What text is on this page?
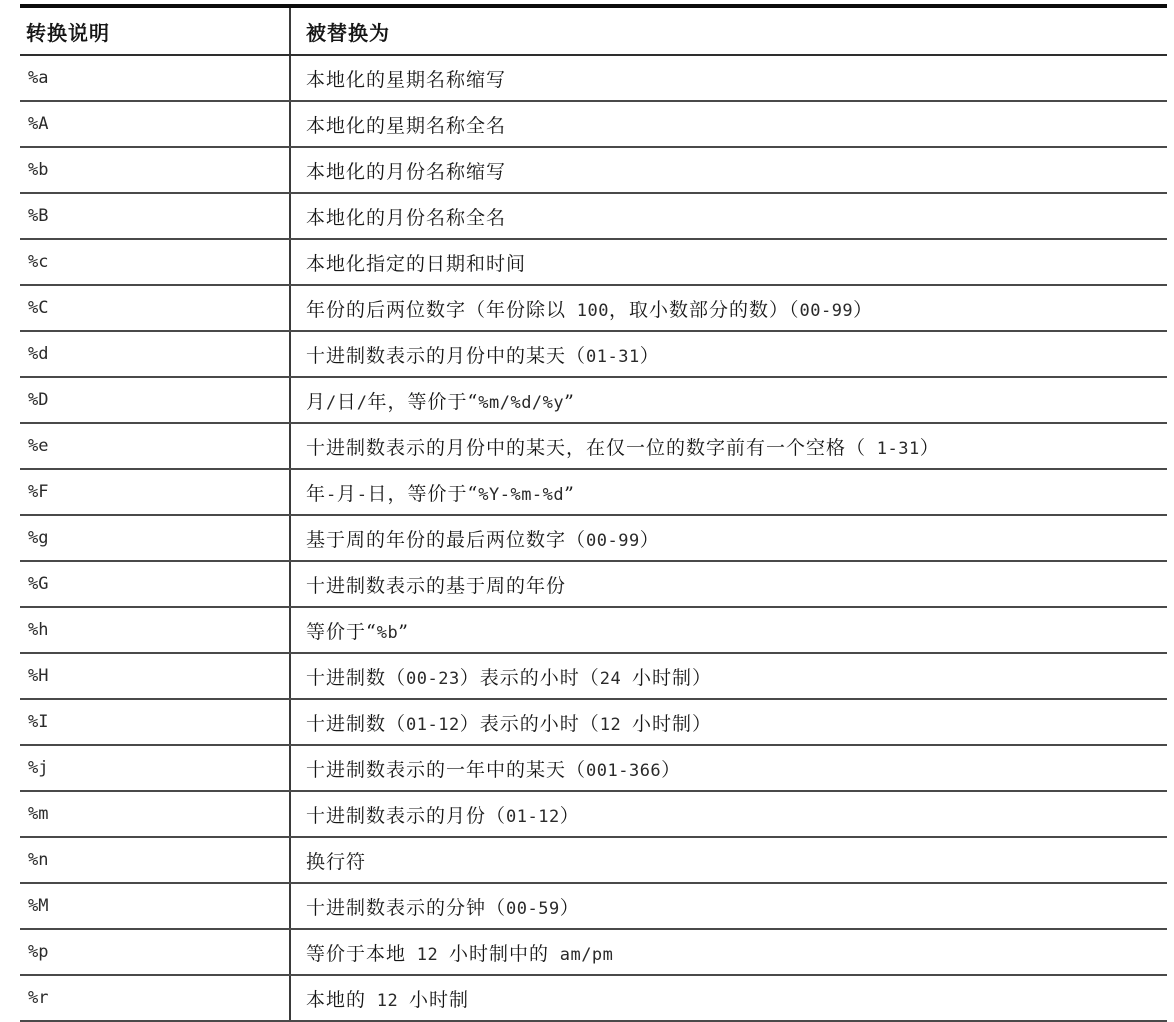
转换说明	被替换为
%a	本地化的星期名称缩写
%A	本地化的星期名称全名
%b	本地化的月份名称缩写
%B	本地化的月份名称全名
%c	本地化指定的日期和时间
%C	年份的后两位数字（年份除以 100，取小数部分的数）（00-99）
%d	十进制数表示的月份中的某天（01-31）
%D	月/日/年，等价于“%m/%d/%y”
%e	十进制数表示的月份中的某天，在仅一位的数字前有一个空格（ 1-31）
%F	年-月-日，等价于“%Y-%m-%d”
%g	基于周的年份的最后两位数字（00-99）
%G	十进制数表示的基于周的年份
%h	等价于“%b”
%H	十进制数（00-23）表示的小时（24 小时制）
%I	十进制数（01-12）表示的小时（12 小时制）
%j	十进制数表示的一年中的某天（001-366）
%m	十进制数表示的月份（01-12）
%n	换行符
%M	十进制数表示的分钟（00-59）
%p	等价于本地 12 小时制中的 am/pm
%r	本地的 12 小时制
